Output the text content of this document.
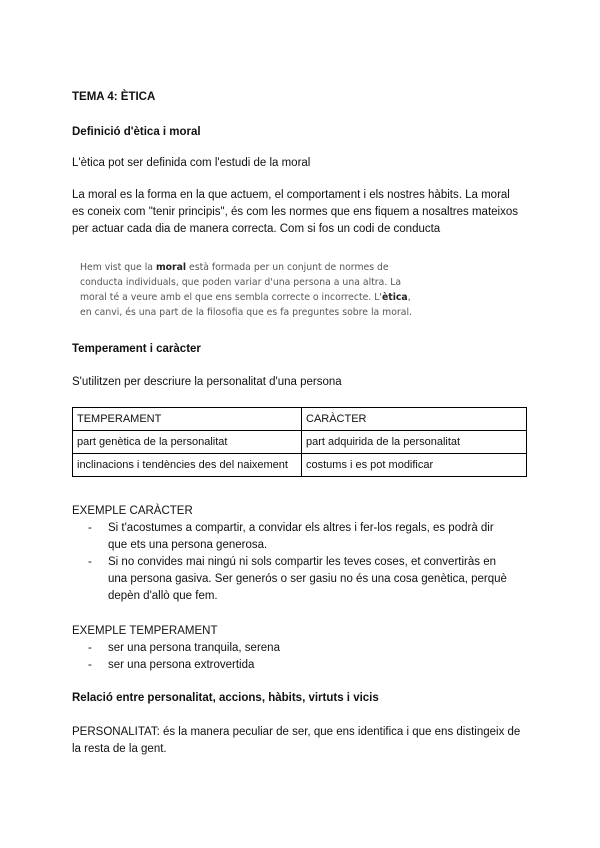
TEMA 4: ÈTICA

Definició d'ètica i moral

L'ètica pot ser definida com l'estudi de la moral

La moral es la forma en la que actuem, el comportament i els nostres hàbits. La moral es coneix com "tenir principis", és com les normes que ens fiquem a nosaltres mateixos per actuar cada dia de manera correcta. Com si fos un codi de conducta

Hem vist que la moral està formada per un conjunt de normes de conducta individuals, que poden variar d'una persona a una altra. La moral té a veure amb el que ens sembla correcte o incorrecte. L'ètica, en canvi, és una part de la filosofia que es fa preguntes sobre la moral.

Temperament i caràcter

S'utilitzen per descriure la personalitat d'una persona

TEMPERAMENT	CARÀCTER
part genètica de la personalitat	part adquirida de la personalitat
inclinacions i tendències des del naixement	costums i es pot modificar

EXEMPLE CARÀCTER

- Si t'acostumes a compartir, a convidar els altres i fer-los regals, es podrà dir que ets una persona generosa.
- Si no convides mai ningú ni sols compartir les teves coses, et convertiràs en una persona gasiva. Ser generós o ser gasiu no és una cosa genètica, perquè depèn d'allò que fem.

EXEMPLE TEMPERAMENT

- ser una persona tranquila, serena
- ser una persona extrovertida

Relació entre personalitat, accions, hàbits, virtuts i vicis

PERSONALITAT: és la manera peculiar de ser, que ens identifica i que ens distingeix de la resta de la gent.
